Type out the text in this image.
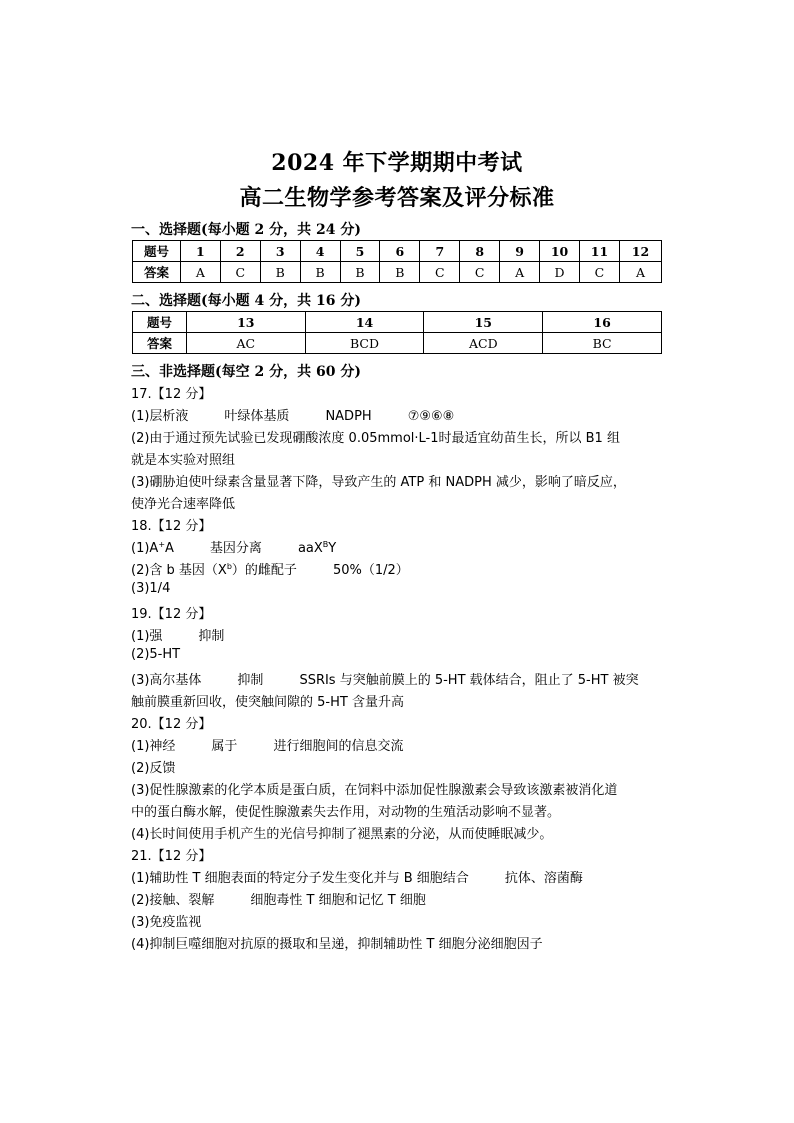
2024 年下学期期中考试
高二生物学参考答案及评分标准
一、选择题(每小题 2 分，共 24 分)
题号	1	2	3	4	5	6	7	8	9	10	11	12
答案	A	C	B	B	B	B	C	C	A	D	C	A
二、选择题(每小题 4 分，共 16 分)
题号	13	14	15	16
答案	AC	BCD	ACD	BC
三、非选择题(每空 2 分，共 60 分)
17.【12 分】
(1)层析液	叶绿体基质	NADPH	⑦⑨⑥⑧
(2)由于通过预先试验已发现硼酸浓度 0.05mmol·L-1时最适宜幼苗生长，所以 B1 组
就是本实验对照组
(3)硼胁迫使叶绿素含量显著下降，导致产生的 ATP 和 NADPH 减少，影响了暗反应，
使净光合速率降低
18.【12 分】
(1)A+A	基因分离	aaX$^B$Y
(2)含 b 基因$(X^b)$的雌配子	50%（1/2）
(3)1/4
19.【12 分】
(1)强	抑制
(2)5-HT
(3)高尔基体	抑制	SSRIs 与突触前膜上的 5-HT 载体结合，阻止了 5-HT 被突
触前膜重新回收，使突触间隙的 5-HT 含量升高
20.【12 分】
(1)神经	属于	进行细胞间的信息交流
(2)反馈
(3)促性腺激素的化学本质是蛋白质，在饲料中添加促性腺激素会导致该激素被消化道
中的蛋白酶水解，使促性腺激素失去作用，对动物的生殖活动影响不显著。
(4)长时间使用手机产生的光信号抑制了褪黑素的分泌，从而使睡眠减少。
21.【12 分】
(1)辅助性 T 细胞表面的特定分子发生变化并与 B 细胞结合	抗体、溶菌酶
(2)接触、裂解	细胞毒性 T 细胞和记忆 T 细胞
(3)免疫监视
(4)抑制巨噬细胞对抗原的摄取和呈递，抑制辅助性 T 细胞分泌细胞因子
